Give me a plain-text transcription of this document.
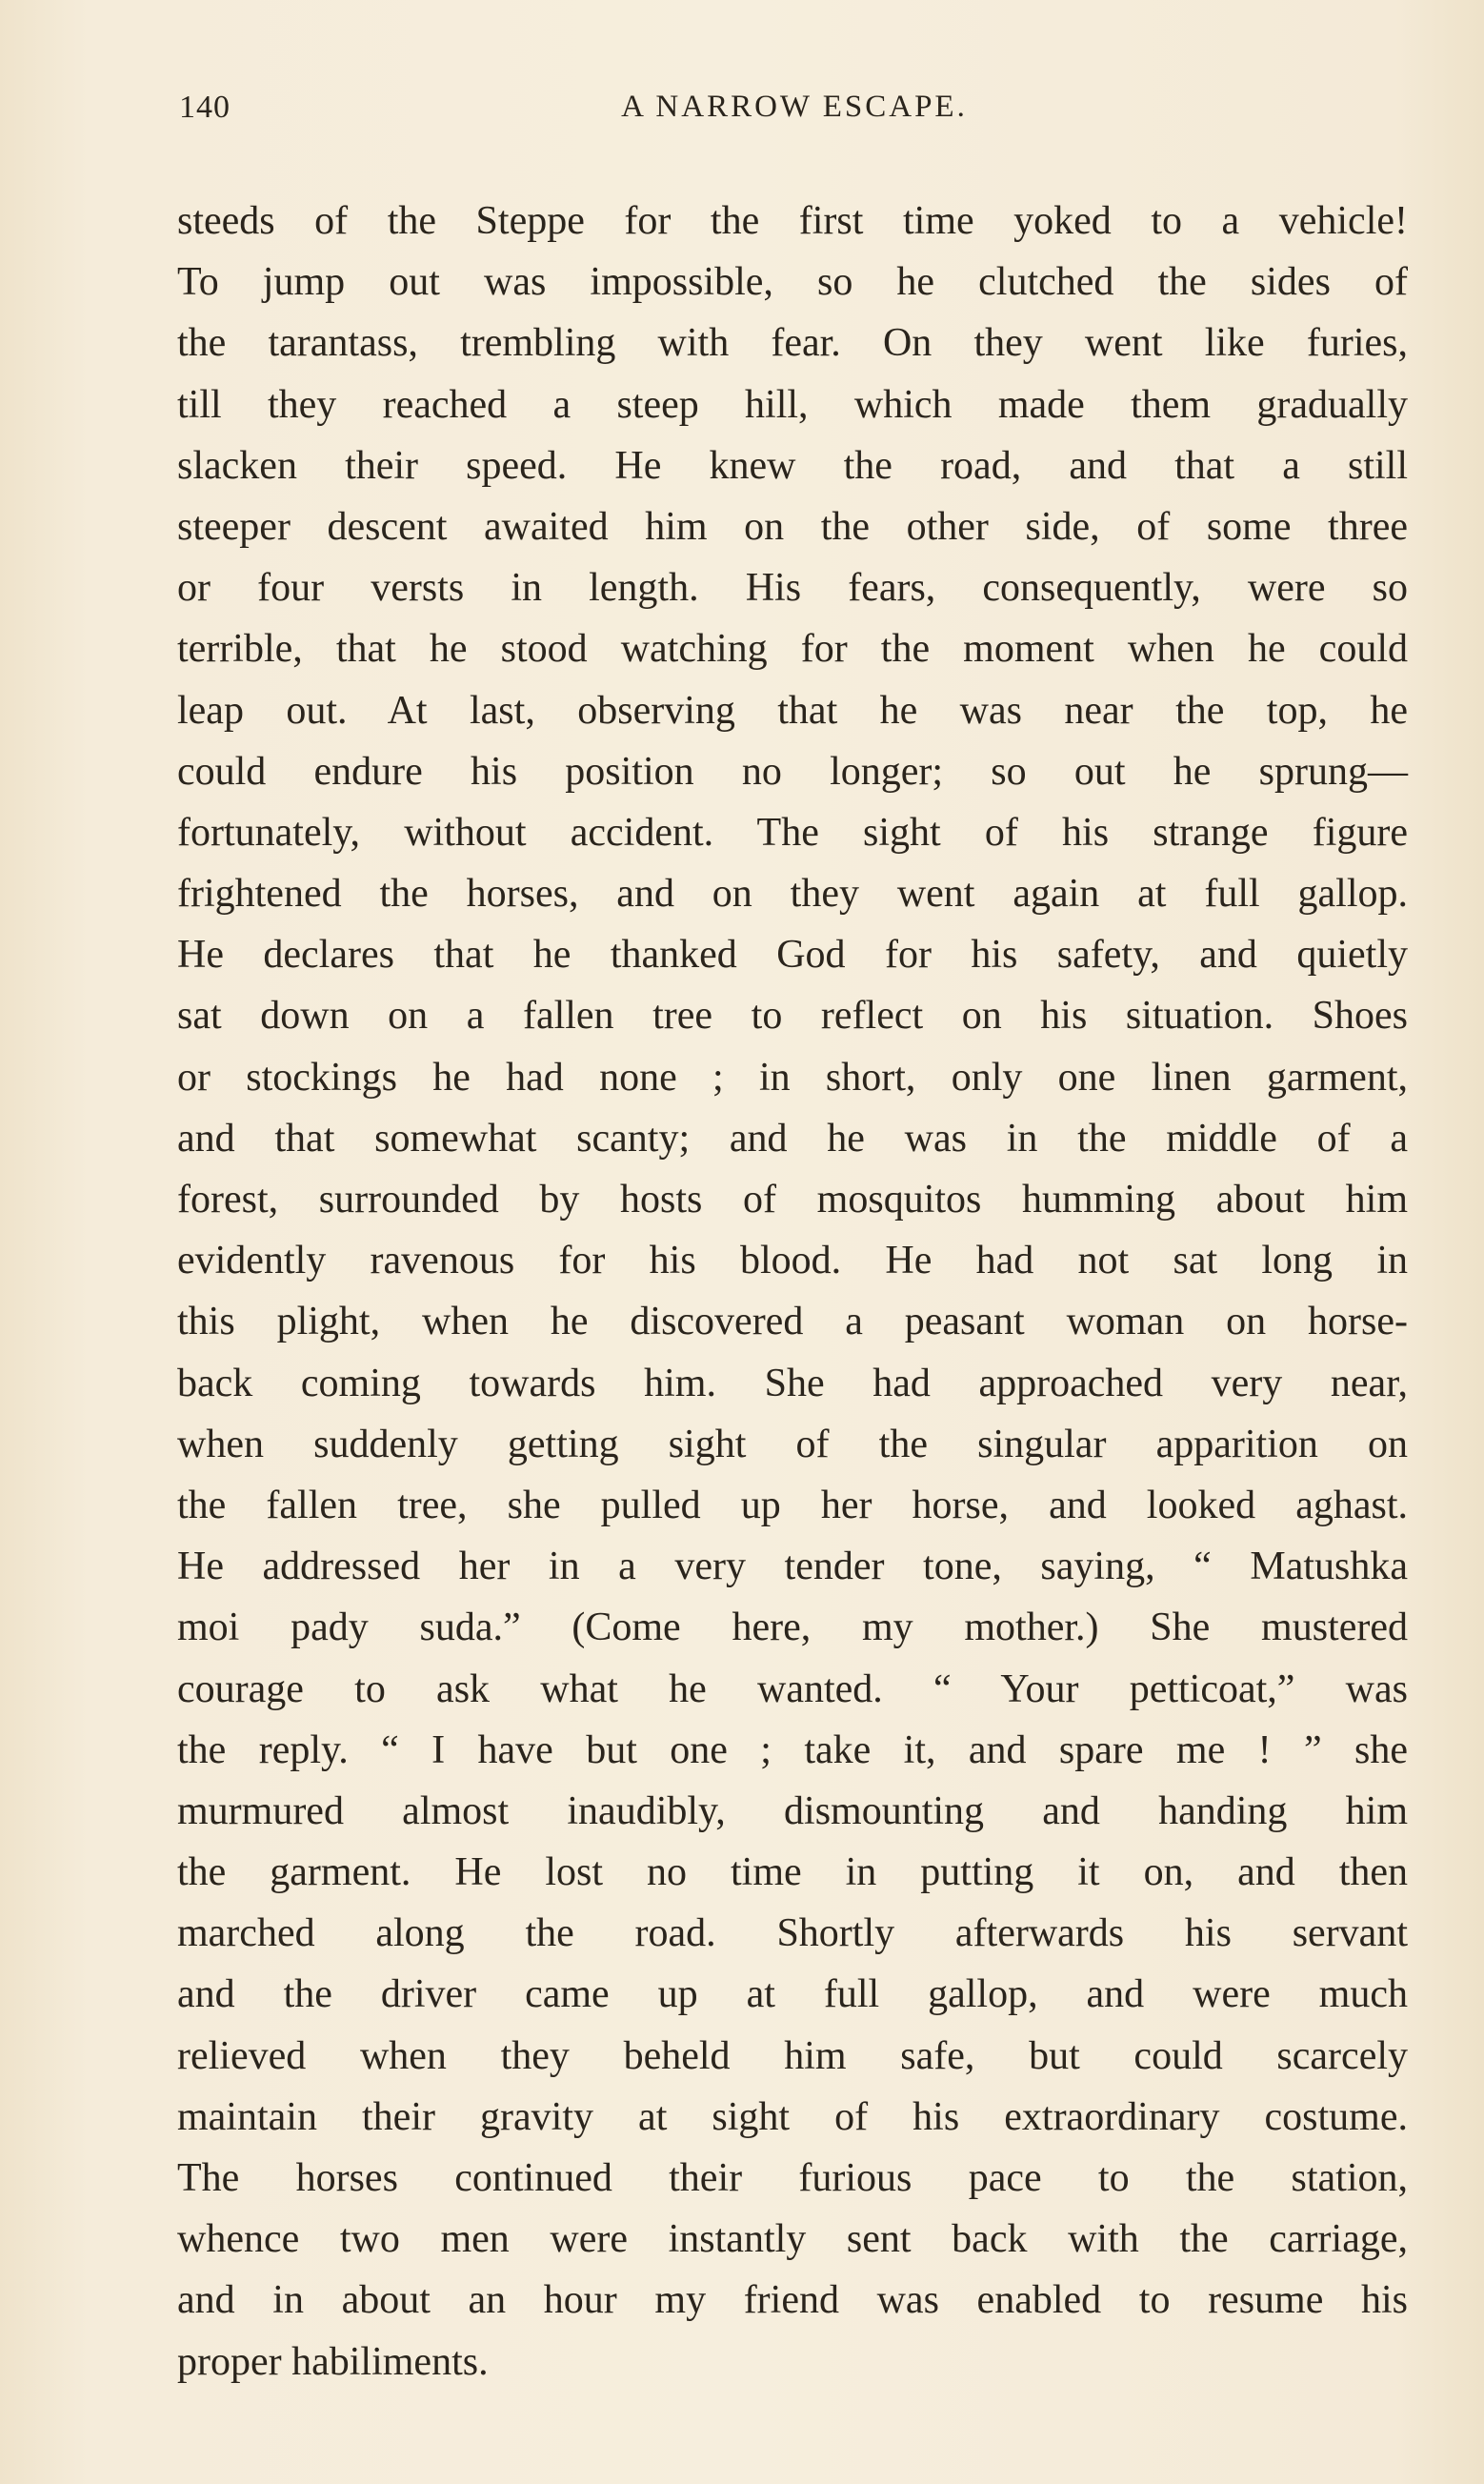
140	A NARROW ESCAPE.
steeds of the Steppe for the first time yoked to a vehicle!
To jump out was impossible, so he clutched the sides of
the tarantass, trembling with fear. On they went like furies,
till they reached a steep hill, which made them gradually
slacken their speed. He knew the road, and that a still
steeper descent awaited him on the other side, of some three
or four versts in length. His fears, consequently, were so
terrible, that he stood watching for the moment when he could
leap out. At last, observing that he was near the top, he
could endure his position no longer; so out he sprung—
fortunately, without accident. The sight of his strange figure
frightened the horses, and on they went again at full gallop.
He declares that he thanked God for his safety, and quietly
sat down on a fallen tree to reflect on his situation. Shoes
or stockings he had none ; in short, only one linen garment,
and that somewhat scanty; and he was in the middle of a
forest, surrounded by hosts of mosquitos humming about him
evidently ravenous for his blood. He had not sat long in
this plight, when he discovered a peasant woman on horse-
back coming towards him. She had approached very near,
when suddenly getting sight of the singular apparition on
the fallen tree, she pulled up her horse, and looked aghast.
He addressed her in a very tender tone, saying, “ Matushka
moi pady suda.” (Come here, my mother.) She mustered
courage to ask what he wanted. “ Your petticoat,” was
the reply. “ I have but one ; take it, and spare me ! ” she
murmured almost inaudibly, dismounting and handing him
the garment. He lost no time in putting it on, and then
marched along the road. Shortly afterwards his servant
and the driver came up at full gallop, and were much
relieved when they beheld him safe, but could scarcely
maintain their gravity at sight of his extraordinary costume.
The horses continued their furious pace to the station,
whence two men were instantly sent back with the carriage,
and in about an hour my friend was enabled to resume his
proper habiliments.
